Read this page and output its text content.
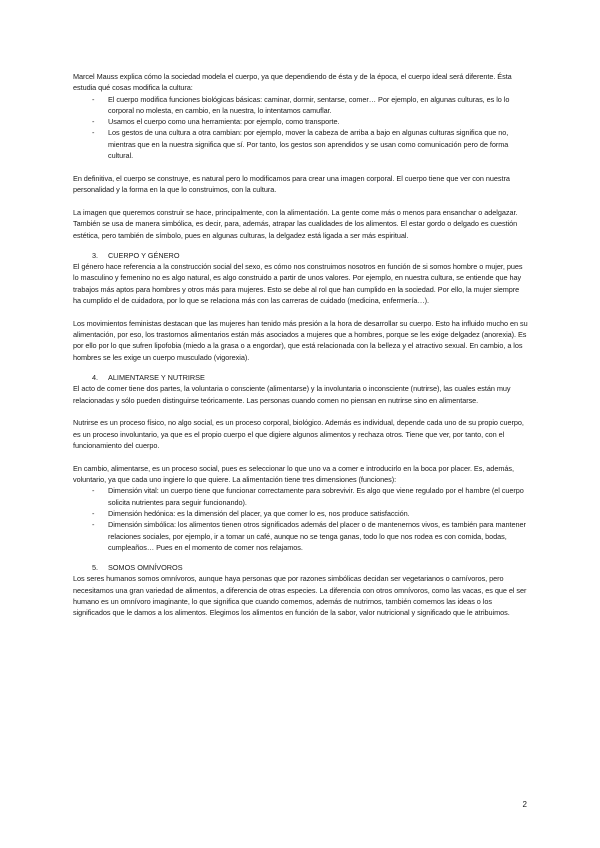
Marcel Mauss explica cómo la sociedad modela el cuerpo, ya que dependiendo de ésta y de la época, el cuerpo ideal será diferente. Ésta estudia qué cosas modifica la cultura:

-	El cuerpo modifica funciones biológicas básicas: caminar, dormir, sentarse, comer… Por ejemplo, en algunas culturas, es lo lo corporal no molesta, en cambio, en la nuestra, lo intentamos camuflar.
-	Usamos el cuerpo como una herramienta: por ejemplo, como transporte.
-	Los gestos de una cultura a otra cambian: por ejemplo, mover la cabeza de arriba a bajo en algunas culturas significa que no, mientras que en la nuestra significa que sí. Por tanto, los gestos son aprendidos y se usan como comunicación pero de forma cultural.

En definitiva, el cuerpo se construye, es natural pero lo modificamos para crear una imagen corporal. El cuerpo tiene que ver con nuestra personalidad y la forma en la que lo construimos, con la cultura.

La imagen que queremos construir se hace, principalmente, con la alimentación. La gente come más o menos para ensanchar o adelgazar. También se usa de manera simbólica, es decir, para, además, atrapar las cualidades de los alimentos. El estar gordo o delgado es cuestión estética, pero también de símbolo, pues en algunas culturas, la delgadez está ligada a ser más espiritual.

3.	CUERPO Y GÉNERO

El género hace referencia a la construcción social del sexo, es cómo nos construimos nosotros en función de si somos hombre o mujer, pues lo masculino y femenino no es algo natural, es algo construido a partir de unos valores. Por ejemplo, en nuestra cultura, se entiende que hay trabajos más aptos para hombres y otros más para mujeres. Esto se debe al rol que han cumplido en la sociedad. Por ello, la mujer siempre ha cumplido el de cuidadora, por lo que se relaciona más con las carreras de cuidado (medicina, enfermería…).

Los movimientos feministas destacan que las mujeres han tenido más presión a la hora de desarrollar su cuerpo. Esto ha influido mucho en su alimentación, por eso, los trastornos alimentarios están más asociados a mujeres que a hombres, porque se les exige delgadez (anorexia). Es por ello por lo que sufren lipofobia (miedo a la grasa o a engordar), que está relacionada con la belleza y el atractivo sexual. En cambio, a los hombres se les exige un cuerpo musculado (vigorexia).

4.	ALIMENTARSE Y NUTRIRSE

El acto de comer tiene dos partes, la voluntaria o consciente (alimentarse) y la involuntaria o inconsciente (nutrirse), las cuales están muy relacionadas y sólo pueden distinguirse teóricamente. Las personas cuando comen no piensan en nutrirse sino en alimentarse.

Nutrirse es un proceso físico, no algo social, es un proceso corporal, biológico. Además es individual, depende cada uno de su propio cuerpo, es un proceso involuntario, ya que es el propio cuerpo el que digiere algunos alimentos y rechaza otros. Tiene que ver, por tanto, con el funcionamiento del cuerpo.

En cambio, alimentarse, es un proceso social, pues es seleccionar lo que uno va a comer e introducirlo en la boca por placer. Es, además, voluntario, ya que cada uno ingiere lo que quiere. La alimentación tiene tres dimensiones (funciones):

-	Dimensión vital: un cuerpo tiene que funcionar correctamente para sobrevivir. Es algo que viene regulado por el hambre (el cuerpo solicita nutrientes para seguir funcionando).
-	Dimensión hedónica: es la dimensión del placer, ya que comer lo es, nos produce satisfacción.
-	Dimensión simbólica: los alimentos tienen otros significados además del placer o de mantenernos vivos, es también para mantener relaciones sociales, por ejemplo, ir a tomar un café, aunque no se tenga ganas, todo lo que nos rodea es con comida, bodas, cumpleaños… Pues en el momento de comer nos relajamos.
5.	SOMOS OMNÍVOROS

Los seres humanos somos omnívoros, aunque haya personas que por razones simbólicas decidan ser vegetarianos o carnívoros, pero necesitamos una gran variedad de alimentos, a diferencia de otras especies. La diferencia con otros omnívoros, como las vacas, es que el ser humano es un omnívoro imaginante, lo que significa que cuando comemos, además de nutrirnos, también comemos las ideas o los significados que le damos a los alimentos. Elegimos los alimentos en función de la sabor, valor nutricional y significado que le atribuimos.

2
